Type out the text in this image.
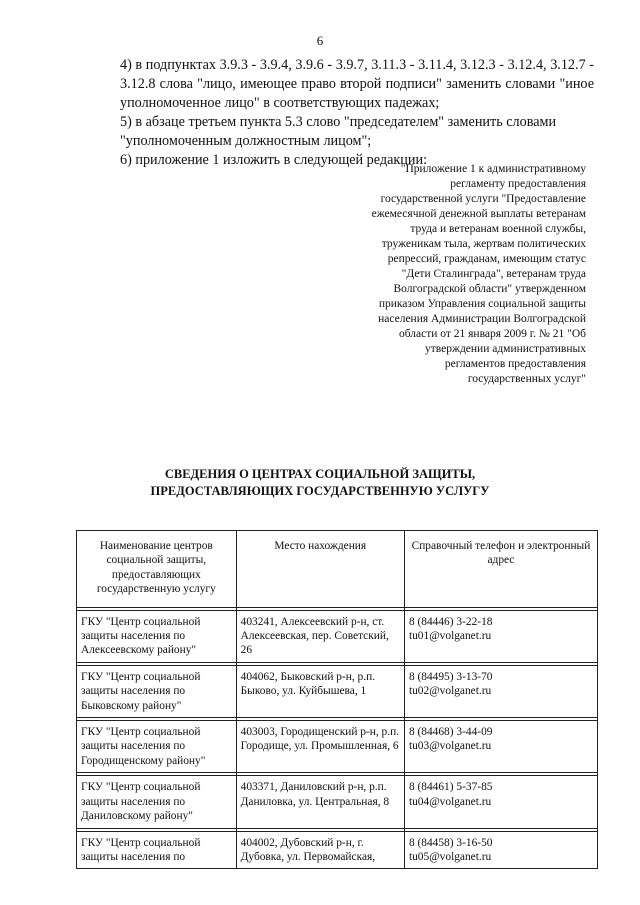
6
4) в подпунктах 3.9.3 - 3.9.4, 3.9.6 - 3.9.7, 3.11.3 - 3.11.4, 3.12.3 - 3.12.4, 3.12.7 - 3.12.8 слова "лицо, имеющее право второй подписи" заменить словами "иное уполномоченное лицо" в соответствующих падежах;
5) в абзаце третьем пункта 5.3 слово "председателем" заменить словами "уполномоченным должностным лицом";
6) приложение 1 изложить в следующей редакции:
"Приложение 1 к административному регламенту предоставления государственной услуги "Предоставление ежемесячной денежной выплаты ветеранам труда и ветеранам военной службы, труженикам тыла, жертвам политических репрессий, гражданам, имеющим статус "Дети Сталинграда", ветеранам труда Волгоградской области" утвержденном приказом Управления социальной защиты населения Администрации Волгоградской области от 21 января 2009 г. № 21 "Об утверждении административных регламентов предоставления государственных услуг"
СВЕДЕНИЯ О ЦЕНТРАХ СОЦИАЛЬНОЙ ЗАЩИТЫ,
ПРЕДОСТАВЛЯЮЩИХ ГОСУДАРСТВЕННУЮ УСЛУГУ
Наименование центров социальной защиты, предоставляющих государственную услугу	Место нахождения	Справочный телефон и электронный адрес

ГКУ "Центр социальной защиты населения по Алексеевскому району"	403241, Алексеевский р-н, ст. Алексеевская, пер. Советский, 26	8 (84446) 3-22-18
tu01@volganet.ru

ГКУ "Центр социальной защиты населения по Быковскому району"	404062, Быковский р-н, р.п. Быково, ул. Куйбышева, 1	8 (84495) 3-13-70
tu02@volganet.ru

ГКУ "Центр социальной защиты населения по Городищенскому району"	403003, Городищенский р-н, р.п. Городище, ул. Промышленная, 6	8 (84468) 3-44-09
tu03@volganet.ru

ГКУ "Центр социальной защиты населения по Даниловскому району"	403371, Даниловский р-н, р.п. Даниловка, ул. Центральная, 8	8 (84461) 5-37-85
tu04@volganet.ru

ГКУ "Центр социальной защиты населения по	404002, Дубовский р-н, г. Дубовка, ул. Первомайская,	8 (84458) 3-16-50
tu05@volganet.ru
